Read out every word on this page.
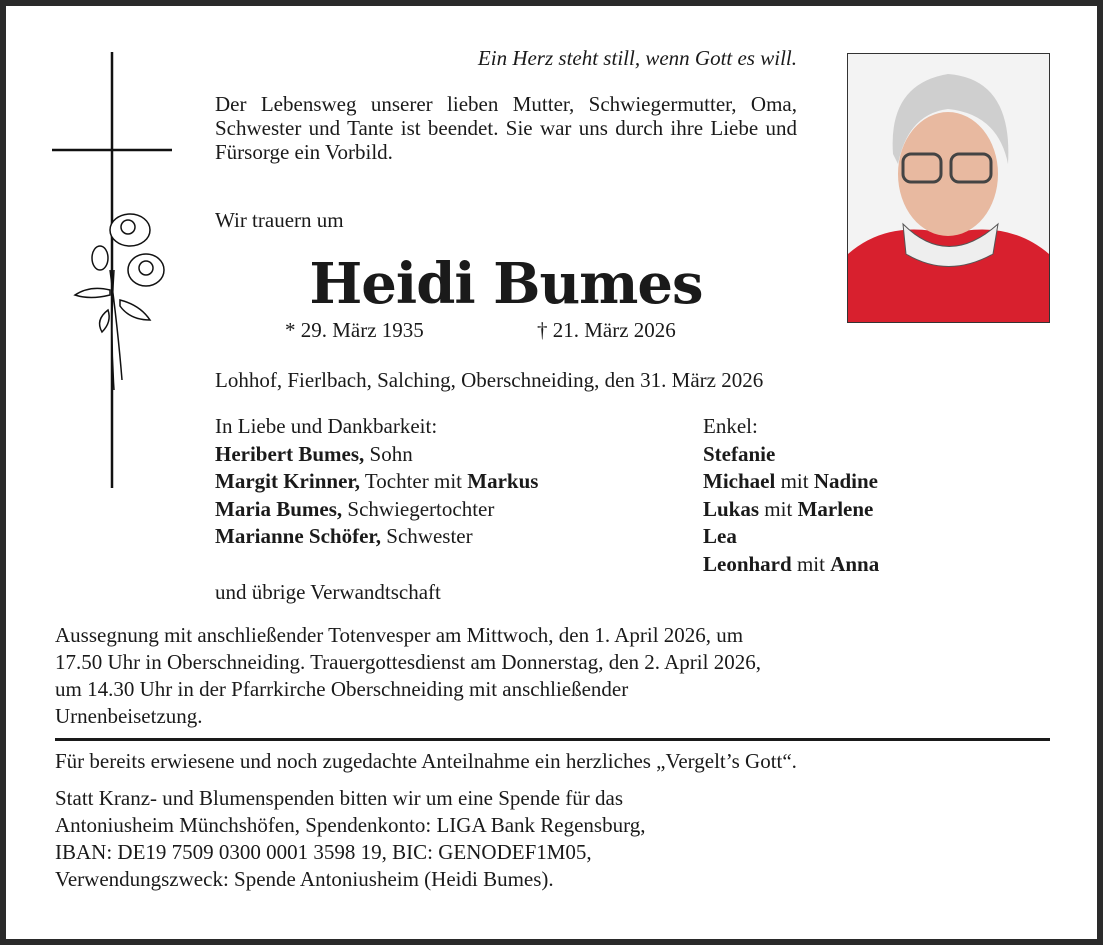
Ein Herz steht still, wenn Gott es will.
Der Lebensweg unserer lieben Mutter, Schwiegermutter, Oma, Schwester und Tante ist beendet. Sie war uns durch ihre Liebe und Fürsorge ein Vorbild.
Wir trauern um
Heidi Bumes
* 29. März 1935	† 21. März 2026
Lohhof, Fierlbach, Salching, Oberschneiding, den 31. März 2026
In Liebe und Dankbarkeit:
Heribert Bumes, Sohn
Margit Krinner, Tochter mit Markus
Maria Bumes, Schwiegertochter
Marianne Schöfer, Schwester
Enkel:
Stefanie
Michael mit Nadine
Lukas mit Marlene
Lea
Leonhard mit Anna
und übrige Verwandtschaft
Aussegnung mit anschließender Totenvesper am Mittwoch, den 1. April 2026, um
17.50 Uhr in Oberschneiding. Trauergottesdienst am Donnerstag, den 2. April 2026,
um 14.30 Uhr in der Pfarrkirche Oberschneiding mit anschließender
Urnenbeisetzung.
Für bereits erwiesene und noch zugedachte Anteilnahme ein herzliches „Vergelt’s Gott“.
Statt Kranz- und Blumenspenden bitten wir um eine Spende für das
Antoniusheim Münchshöfen, Spendenkonto: LIGA Bank Regensburg,
IBAN: DE19 7509 0300 0001 3598 19, BIC: GENODEF1M05,
Verwendungszweck: Spende Antoniusheim (Heidi Bumes).
